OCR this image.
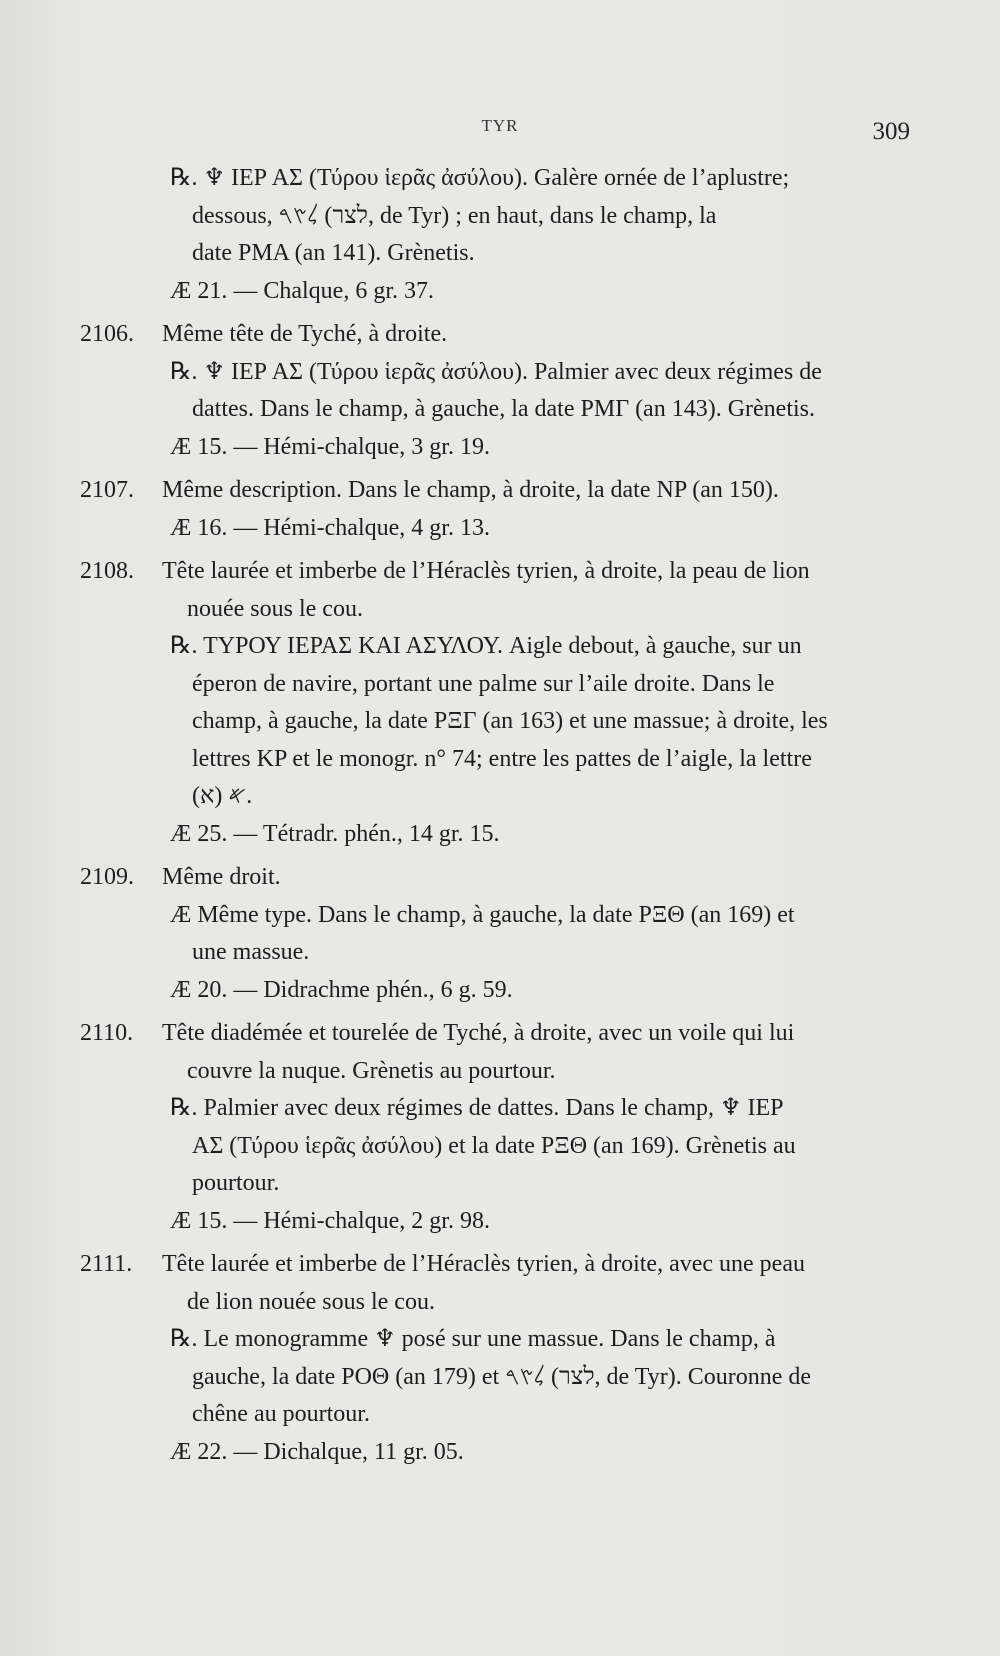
TYR	309

℞. ♆ ΙΕΡ ΑΣ (Τύρου ἱερᾶς ἀσύλου). Galère ornée de l’aplustre;

dessous, 𐤋𐤑𐤓 (לצר, de Tyr) ; en haut, dans le champ, la

date PMA (an 141). Grènetis.

Æ 21. — Chalque, 6 gr. 37.

2106.	Même tête de Tyché, à droite.

℞. ♆ ΙΕΡ ΑΣ (Τύρου ἱερᾶς ἀσύλου). Palmier avec deux régimes de

dattes. Dans le champ, à gauche, la date PMΓ (an 143). Grènetis.

Æ 15. — Hémi-chalque, 3 gr. 19.

2107.	Même description. Dans le champ, à droite, la date NP (an 150).

Æ 16. — Hémi-chalque, 4 gr. 13.

2108.	Tête laurée et imberbe de l’Héraclès tyrien, à droite, la peau de lion

nouée sous le cou.

℞. ΤΥΡΟΥ ΙΕΡΑΣ ΚΑΙ ΑΣΥΛΟΥ. Aigle debout, à gauche, sur un

éperon de navire, portant une palme sur l’aile droite. Dans le

champ, à gauche, la date PΞΓ (an 163) et une massue; à droite, les

lettres KP et le monogr. n° 74; entre les pattes de l’aigle, la lettre

𐤀 (א).

Æ 25. — Tétradr. phén., 14 gr. 15.

2109.	Même droit.

Æ Même type. Dans le champ, à gauche, la date PΞΘ (an 169) et

une massue.

Æ 20. — Didrachme phén., 6 g. 59.

2110.	Tête diadémée et tourelée de Tyché, à droite, avec un voile qui lui

couvre la nuque. Grènetis au pourtour.

℞. Palmier avec deux régimes de dattes. Dans le champ, ♆ ΙΕΡ

ΑΣ (Τύρου ἱερᾶς ἀσύλου) et la date PΞΘ (an 169). Grènetis au

pourtour.

Æ 15. — Hémi-chalque, 2 gr. 98.

2111.	Tête laurée et imberbe de l’Héraclès tyrien, à droite, avec une peau

de lion nouée sous le cou.

℞. Le monogramme ♆ posé sur une massue. Dans le champ, à

gauche, la date POΘ (an 179) et 𐤋𐤑𐤓 (לצר, de Tyr). Couronne de

chêne au pourtour.

Æ 22. — Dichalque, 11 gr. 05.
